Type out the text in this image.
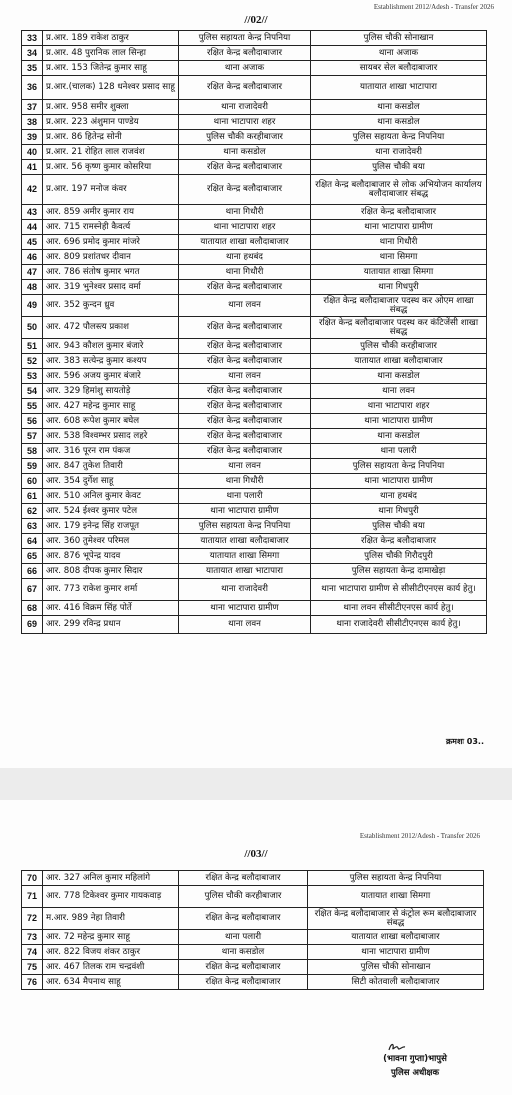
Establishment 2012/Adesh - Transfer 2026
//02//
33	प्र.आर. 189 राकेश ठाकुर	पुलिस सहायता केन्द्र निपनिया	पुलिस चौकी सोनाखान
34	प्र.आर. 48 पुरानिक लाल सिन्हा	रक्षित केन्द्र बलौदाबाजार	थाना अजाक
35	प्र.आर. 153 जितेन्द्र कुमार साहू	थाना अजाक	सायबर सेल बलौदाबाजार
36	प्र.आर.(चालक) 128 धनेश्वर प्रसाद साहू	रक्षित केन्द्र बलौदाबाजार	यातायात शाखा भाटापारा
37	प्र.आर. 958 समीर शुक्ला	थाना राजादेवरी	थाना कसडोल
38	प्र.आर. 223 अंशुमान पाण्डेय	थाना भाटापारा शहर	थाना कसडोल
39	प्र.आर. 86 हितेन्द्र सोनी	पुलिस चौकी करहीबाजार	पुलिस सहायता केन्द्र निपनिया
40	प्र.आर. 21 रोहित लाल राजवंश	थाना कसडोल	थाना राजादेवरी
41	प्र.आर. 56 कृष्ण कुमार कोसरिया	रक्षित केन्द्र बलौदाबाजार	पुलिस चौकी बया
42	प्र.आर. 197 मनोज कंवर	रक्षित केन्द्र बलौदाबाजार	रक्षित केन्द्र बलौदाबाजार से लोक अभियोजन कार्यालय बलौदाबाजार संबद्ध
43	आर. 859 अमीर कुमार राय	थाना गिधौरी	रक्षित केन्द्र बलौदाबाजार
44	आर. 715 रामस्नेही कैवर्त्य	थाना भाटापारा शहर	थाना भाटापारा ग्रामीण
45	आर. 696 प्रमोद कुमार मांजरे	यातायात शाखा बलौदाबाजार	थाना गिधौरी
46	आर. 809 प्रशांतधर दीवान	थाना हथबंद	थाना सिमगा
47	आर. 786 संतोष कुमार भगत	थाना गिधौरी	यातायात शाखा सिमगा
48	आर. 319 भुनेश्वर प्रसाद वर्मा	रक्षित केन्द्र बलौदाबाजार	थाना गिधपुरी
49	आर. 352 कुन्दन ध्रुव	थाना लवन	रक्षित केन्द्र बलौदाबाजार पदस्थ कर ओएम शाखा संबद्ध
50	आर. 472 पौलस्त्य प्रकाश	रक्षित केन्द्र बलौदाबाजार	रक्षित केन्द्र बलौदाबाजार पदस्थ कर कंटिजेंसी शाखा संबद्ध
51	आर. 943 कौशल कुमार बंजारे	रक्षित केन्द्र बलौदाबाजार	पुलिस चौकी करहीबाजार
52	आर. 383 सत्येन्द्र कुमार कश्यप	रक्षित केन्द्र बलौदाबाजार	यातायात शाखा बलौदाबाजार
53	आर. 596 अजय कुमार बंजारे	थाना लवन	थाना कसडोल
54	आर. 329 हिमांशु सायतोड़े	रक्षित केन्द्र बलौदाबाजार	थाना लवन
55	आर. 427 महेन्द्र कुमार साहू	रक्षित केन्द्र बलौदाबाजार	थाना भाटापारा शहर
56	आर. 608 रूपेश कुमार बघेल	रक्षित केन्द्र बलौदाबाजार	थाना भाटापारा ग्रामीण
57	आर. 538 विश्वम्भर प्रसाद लहरे	रक्षित केन्द्र बलौदाबाजार	थाना कसडोल
58	आर. 316 पूरन राम पंकज	रक्षित केन्द्र बलौदाबाजार	थाना पलारी
59	आर. 847 तुकेश तिवारी	थाना लवन	पुलिस सहायता केन्द्र निपनिया
60	आर. 354 दुर्गेश साहू	थाना गिधौरी	थाना भाटापारा ग्रामीण
61	आर. 510 अनिल कुमार केवट	थाना पलारी	थाना हथबंद
62	आर. 524 ईश्वर कुमार पटेल	थाना भाटापारा ग्रामीण	थाना गिधपुरी
63	आर. 179 इनेन्द्र सिंह राजपूत	पुलिस सहायता केन्द्र निपनिया	पुलिस चौकी बया
64	आर. 360 तुमेश्वर परिमल	यातायात शाखा बलौदाबाजार	रक्षित केन्द्र बलौदाबाजार
65	आर. 876 भूपेन्द्र यादव	यातायात शाखा सिमगा	पुलिस चौकी गिरौदपुरी
66	आर. 808 दीपक कुमार सिदार	यातायात शाखा भाटापारा	पुलिस सहायता केन्द्र दामाखेड़ा
67	आर. 773 राकेश कुमार शर्मा	थाना राजादेवरी	थाना भाटापारा ग्रामीण से सीसीटीएनएस कार्य हेतु।
68	आर. 416 विक्रम सिंह पोर्ते	थाना भाटापारा ग्रामीण	थाना लवन सीसीटीएनएस कार्य हेतु।
69	आर. 299 रविन्द्र प्रधान	थाना लवन	थाना राजादेवरी सीसीटीएनएस कार्य हेतु।
क्रमशः 03..
Establishment 2012/Adesh - Transfer 2026
//03//
70	आर. 327 अनिल कुमार महिलांगे	रक्षित केन्द्र बलौदाबाजार	पुलिस सहायता केन्द्र निपनिया
71	आर. 778 टिकेश्वर कुमार गायकवाड़	पुलिस चौकी करहीबाजार	यातायात शाखा सिमगा
72	म.आर. 989 नेहा तिवारी	रक्षित केन्द्र बलौदाबाजार	रक्षित केन्द्र बलौदाबाजार से कंट्रोल रूम बलौदाबाजार संबद्ध
73	आर. 72 महेन्द्र कुमार साहू	थाना पलारी	यातायात शाखा बलौदाबाजार
74	आर. 822 विजय शंकर ठाकुर	थाना कसडोल	थाना भाटापारा ग्रामीण
75	आर. 467 तिलक राम चन्द्रवंशी	रक्षित केन्द्र बलौदाबाजार	पुलिस चौकी सोनाखान
76	आर. 634 मैपनाथ साहू	रक्षित केन्द्र बलौदाबाजार	सिटी कोतवाली बलौदाबाजार
(भावना गुप्ता)भापुसे
पुलिस अधीक्षक
